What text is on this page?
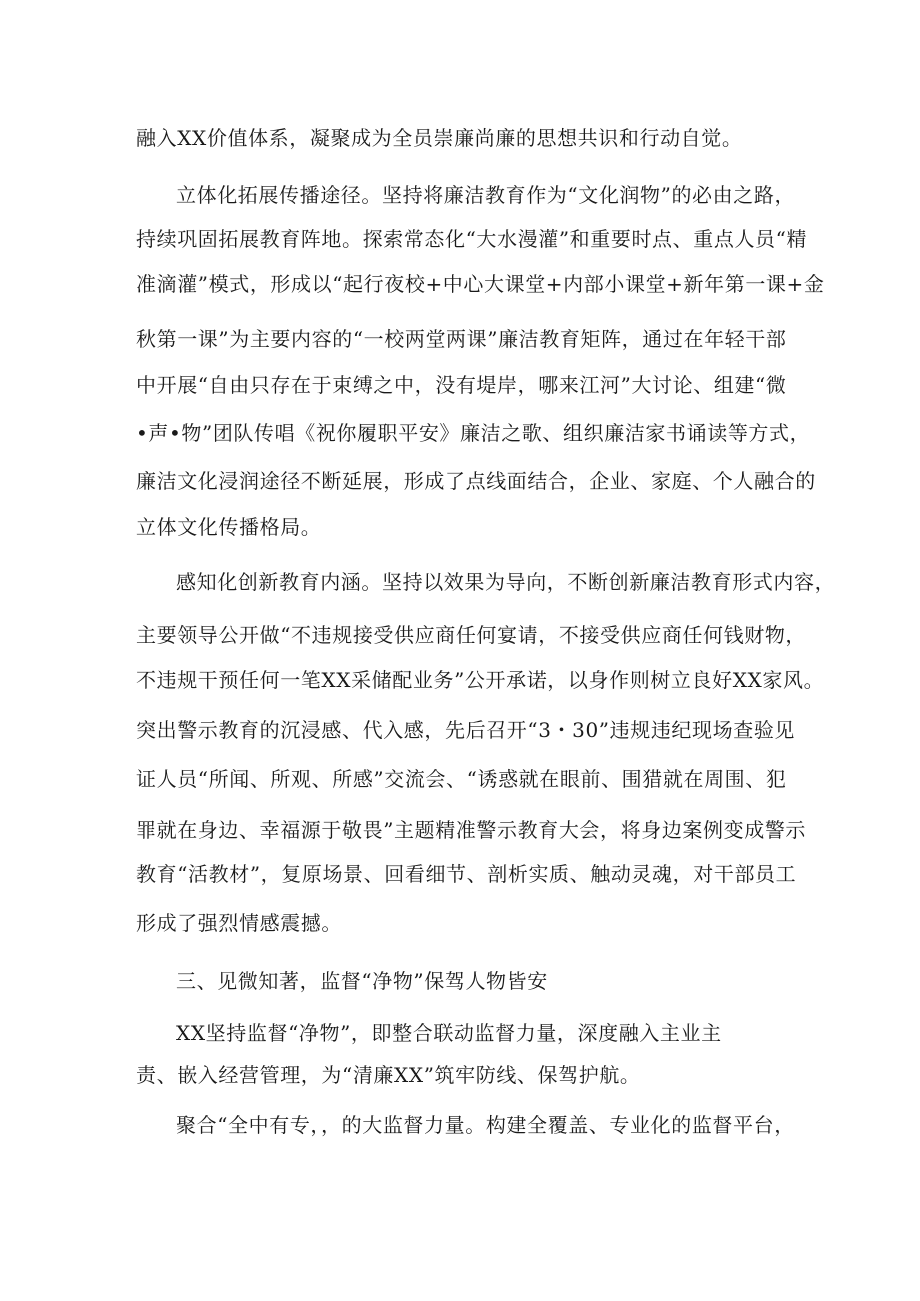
融入XX价值体系，凝聚成为全员崇廉尚廉的思想共识和行动自觉。
立体化拓展传播途径。坚持将廉洁教育作为“文化润物”的必由之路，
持续巩固拓展教育阵地。探索常态化“大水漫灌”和重要时点、重点人员“精
准滴灌”模式，形成以“起行夜校+中心大课堂+内部小课堂+新年第一课+金
秋第一课”为主要内容的“一校两堂两课”廉洁教育矩阵，通过在年轻干部
中开展“自由只存在于束缚之中，没有堤岸，哪来江河”大讨论、组建“微
•声•物”团队传唱《祝你履职平安》廉洁之歌、组织廉洁家书诵读等方式，
廉洁文化浸润途径不断延展，形成了点线面结合，企业、家庭、个人融合的
立体文化传播格局。
感知化创新教育内涵。坚持以效果为导向，不断创新廉洁教育形式内容，
主要领导公开做“不违规接受供应商任何宴请，不接受供应商任何钱财物，
不违规干预任何一笔XX采储配业务”公开承诺，以身作则树立良好XX家风。
突出警示教育的沉浸感、代入感，先后召开“3・30”违规违纪现场查验见
证人员“所闻、所观、所感”交流会、“诱惑就在眼前、围猎就在周围、犯
罪就在身边、幸福源于敬畏”主题精准警示教育大会，将身边案例变成警示
教育“活教材”，复原场景、回看细节、剖析实质、触动灵魂，对干部员工
形成了强烈情感震撼。
三、见微知著，监督“净物”保驾人物皆安
XX坚持监督“净物”，即整合联动监督力量，深度融入主业主
责、嵌入经营管理，为“清廉XX”筑牢防线、保驾护航。
聚合“全中有专，，的大监督力量。构建全覆盖、专业化的监督平台，
